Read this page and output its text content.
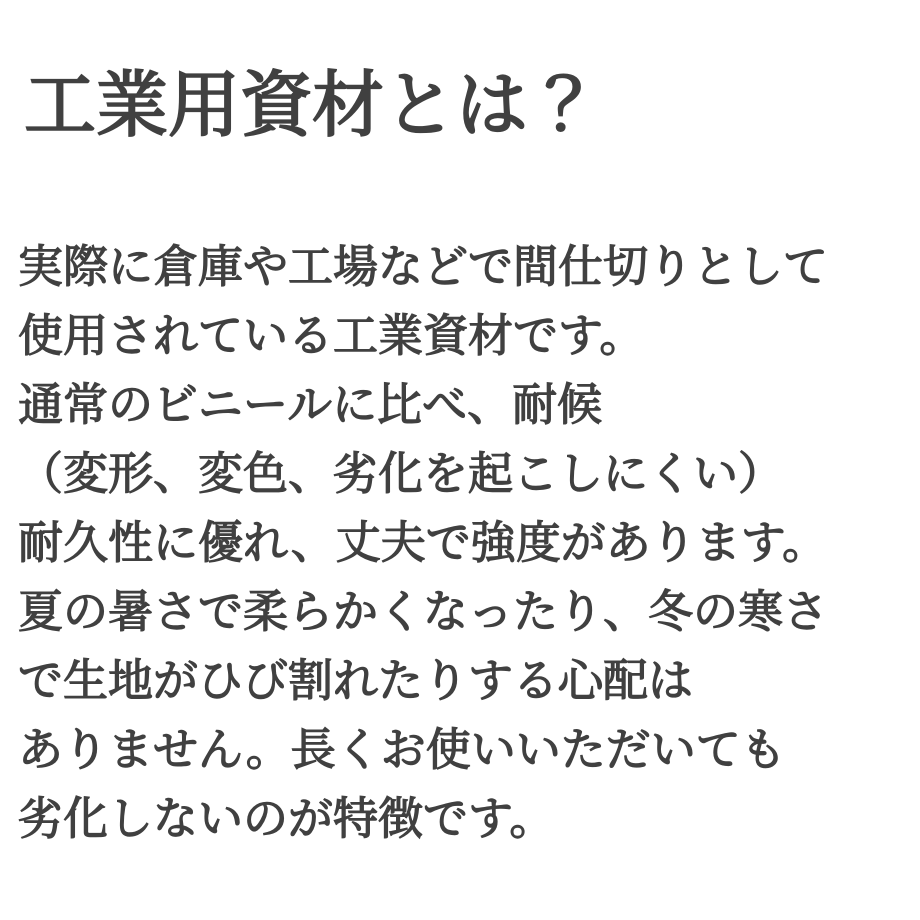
工業用資材とは？
実際に倉庫や工場などで間仕切りとして
使用されている工業資材です。
通常のビニールに比べ、耐候
（変形、変色、劣化を起こしにくい）
耐久性に優れ、丈夫で強度があります。
夏の暑さで柔らかくなったり、冬の寒さ
で生地がひび割れたりする心配は
ありません。長くお使いいただいても
劣化しないのが特徴です。
